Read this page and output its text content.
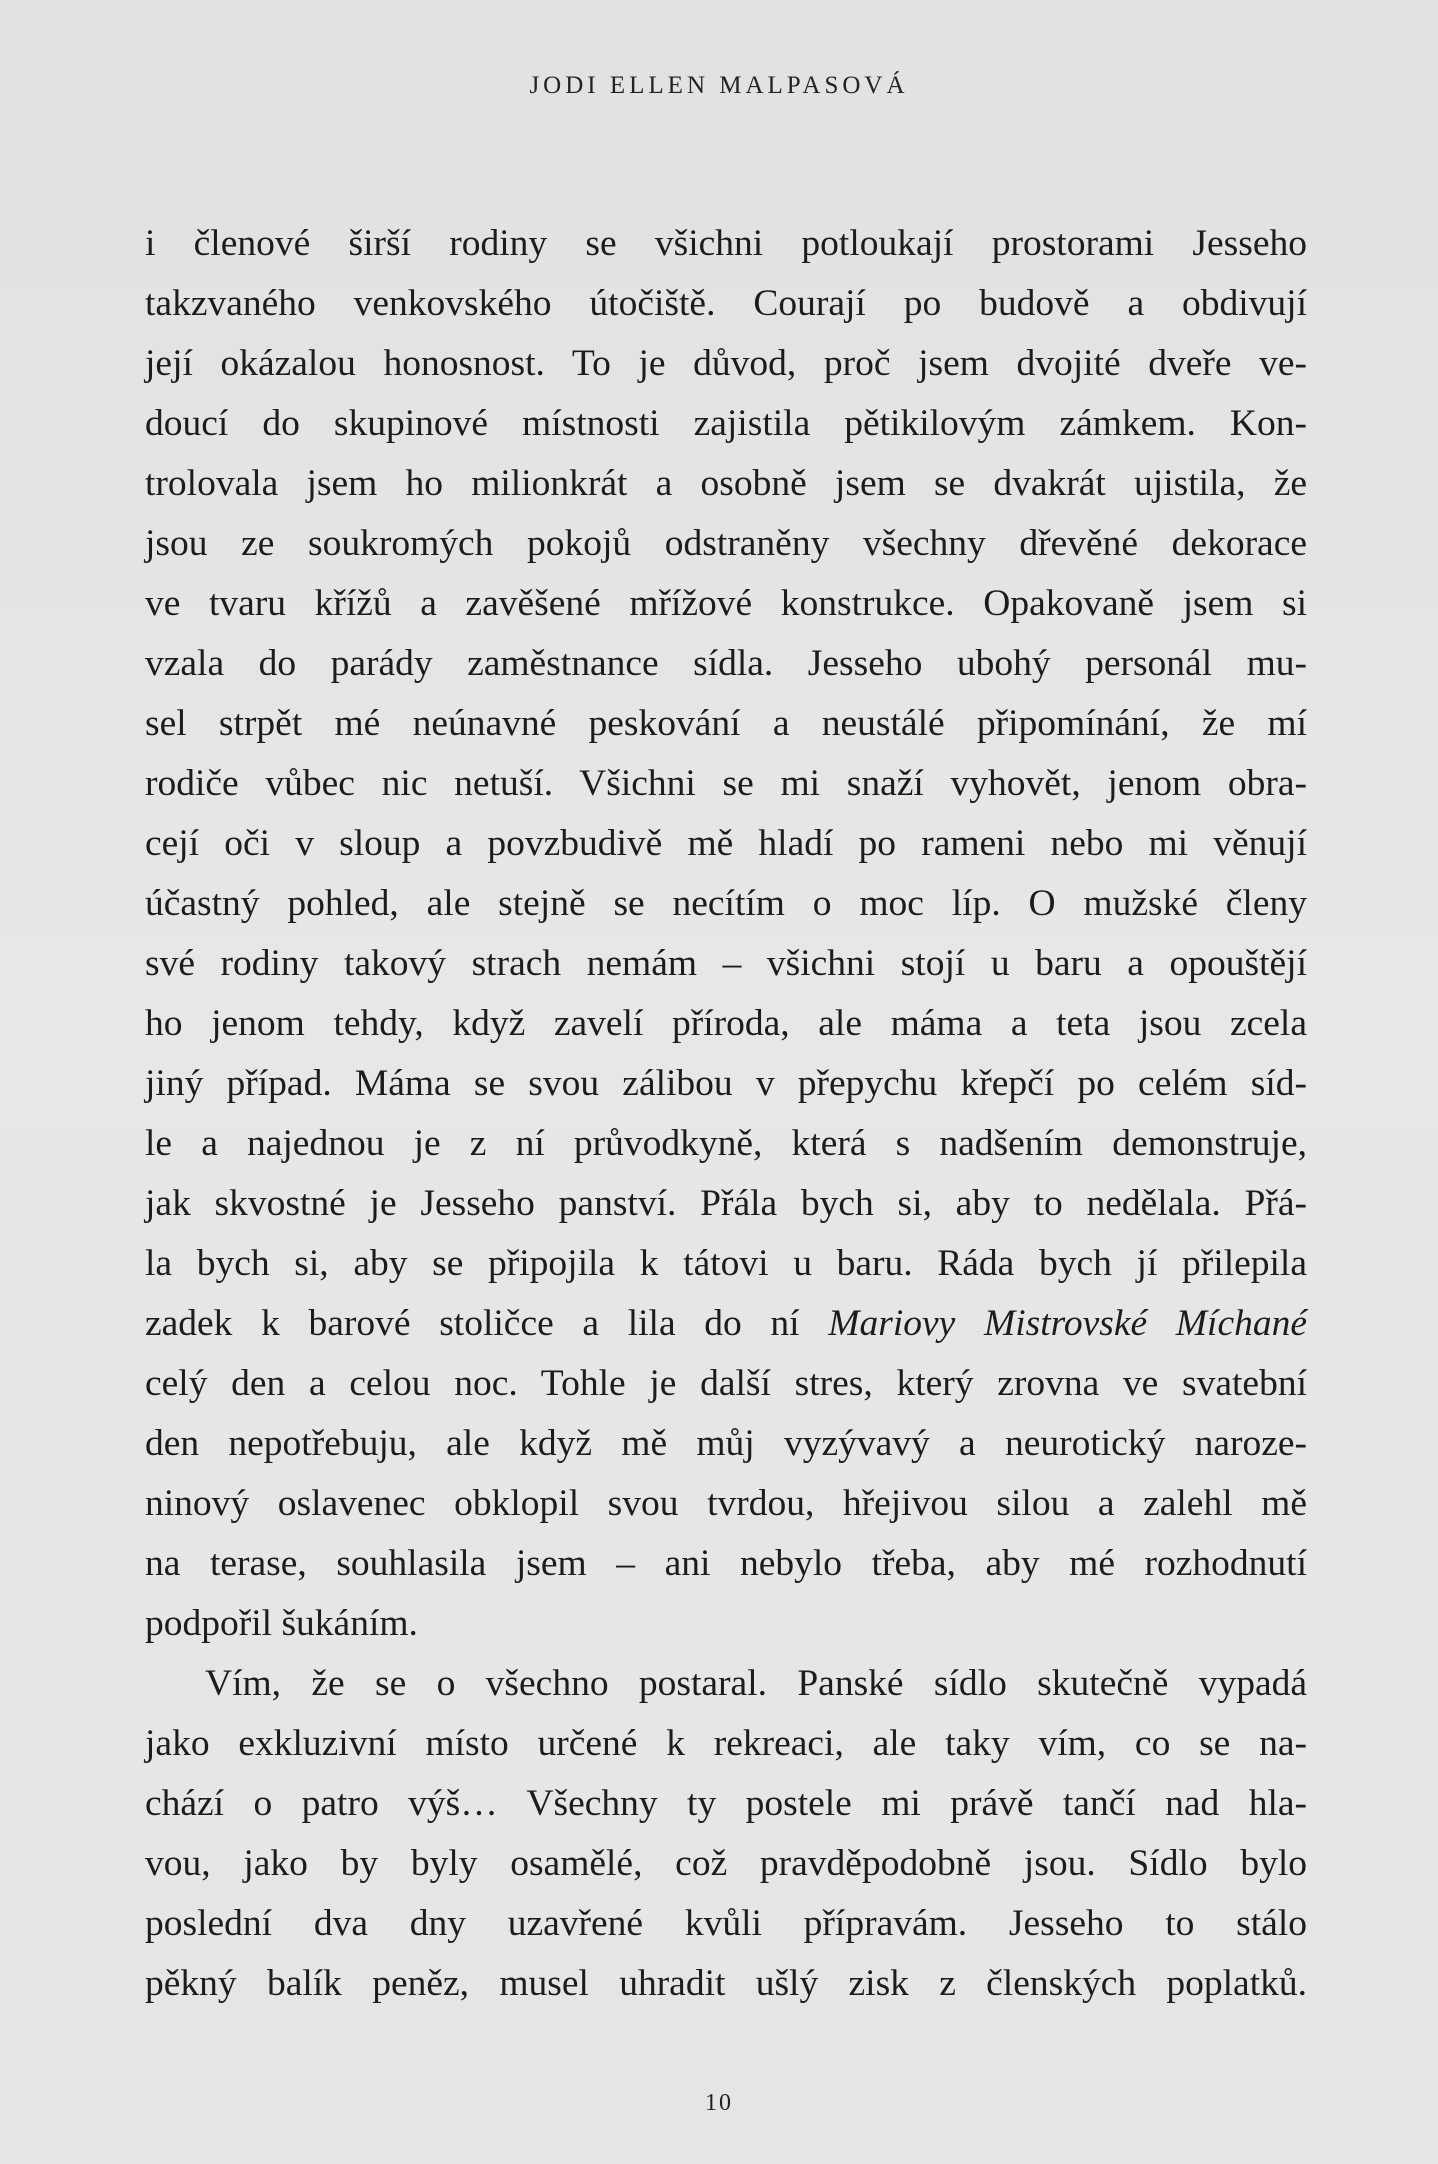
JODI ELLEN MALPASOVÁ
i členové širší rodiny se všichni potloukají prostorami Jesseho
takzvaného venkovského útočiště. Courají po budově a obdivují
její okázalou honosnost. To je důvod, proč jsem dvojité dveře ve-
doucí do skupinové místnosti zajistila pětikilovým zámkem. Kon-
trolovala jsem ho milionkrát a osobně jsem se dvakrát ujistila, že
jsou ze soukromých pokojů odstraněny všechny dřevěné dekorace
ve tvaru křížů a zavěšené mřížové konstrukce. Opakovaně jsem si
vzala do parády zaměstnance sídla. Jesseho ubohý personál mu-
sel strpět mé neúnavné peskování a neustálé připomínání, že mí
rodiče vůbec nic netuší. Všichni se mi snaží vyhovět, jenom obra-
cejí oči v sloup a povzbudivě mě hladí po rameni nebo mi věnují
účastný pohled, ale stejně se necítím o moc líp. O mužské členy
své rodiny takový strach nemám – všichni stojí u baru a opouštějí
ho jenom tehdy, když zavelí příroda, ale máma a teta jsou zcela
jiný případ. Máma se svou zálibou v přepychu křepčí po celém síd-
le a najednou je z ní průvodkyně, která s nadšením demonstruje,
jak skvostné je Jesseho panství. Přála bych si, aby to nedělala. Přá-
la bych si, aby se připojila k tátovi u baru. Ráda bych jí přilepila
zadek k barové stoličce a lila do ní Mariovy Mistrovské Míchané
celý den a celou noc. Tohle je další stres, který zrovna ve svatební
den nepotřebuju, ale když mě můj vyzývavý a neurotický naroze-
ninový oslavenec obklopil svou tvrdou, hřejivou silou a zalehl mě
na terase, souhlasila jsem – ani nebylo třeba, aby mé rozhodnutí
podpořil šukáním.
Vím, že se o všechno postaral. Panské sídlo skutečně vypadá
jako exkluzivní místo určené k rekreaci, ale taky vím, co se na-
chází o patro výš… Všechny ty postele mi právě tančí nad hla-
vou, jako by byly osamělé, což pravděpodobně jsou. Sídlo bylo
poslední dva dny uzavřené kvůli přípravám. Jesseho to stálo
pěkný balík peněz, musel uhradit ušlý zisk z členských poplatků.
10
